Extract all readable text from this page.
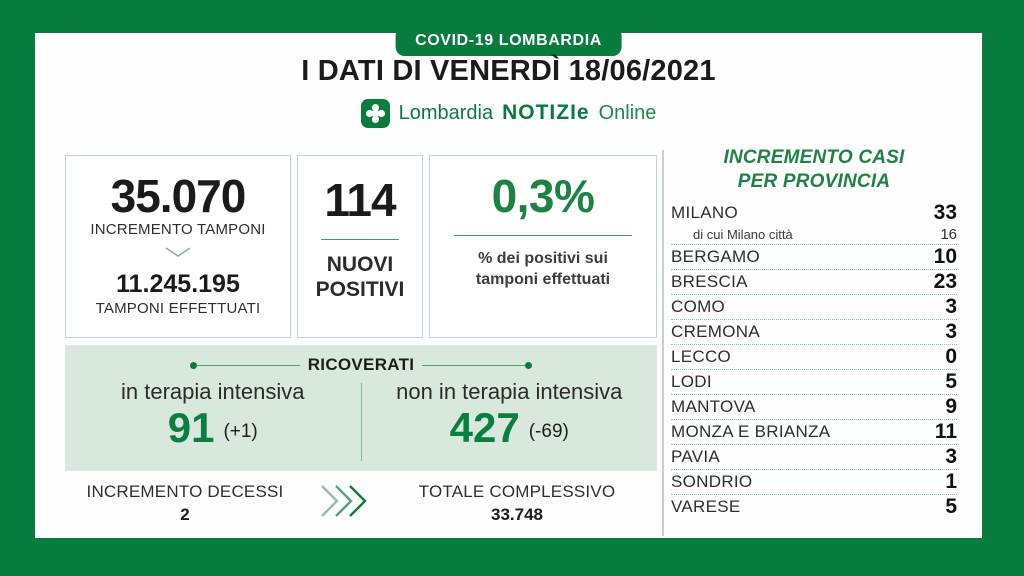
COVID-19 LOMBARDIA
I DATI DI VENERDÌ 18/06/2021
Lombardia NOTIZIe Online
35.070
INCREMENTO TAMPONI
11.245.195
TAMPONI EFFETTUATI
114
NUOVI
POSITIVI
0,3%
% dei positivi sui
tamponi effettuati
RICOVERATI
in terapia intensiva
91 (+1)
non in terapia intensiva
427 (-69)
INCREMENTO DECESSI
2
TOTALE COMPLESSIVO
33.748
INCREMENTO CASI
PER PROVINCIA
MILANO	33
di cui Milano città	16
BERGAMO	10
BRESCIA	23
COMO	3
CREMONA	3
LECCO	0
LODI	5
MANTOVA	9
MONZA E BRIANZA	11
PAVIA	3
SONDRIO	1
VARESE	5
